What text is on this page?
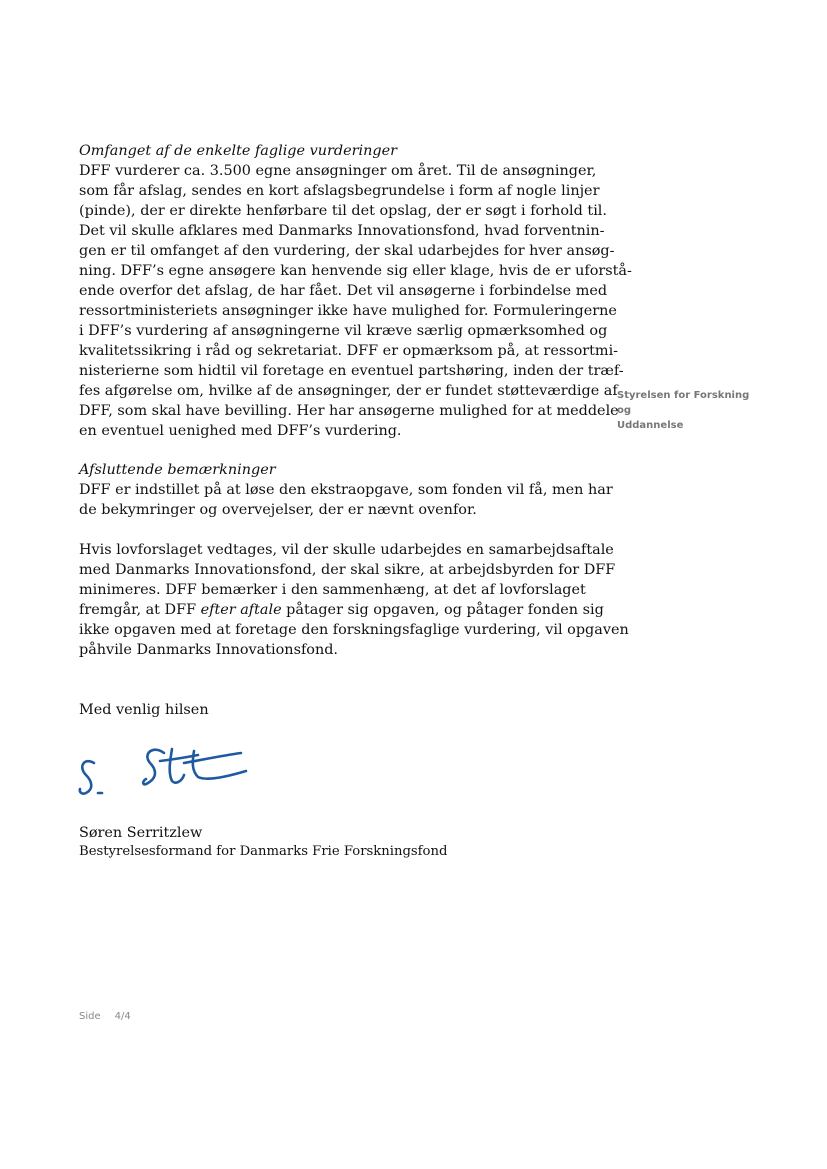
Omfanget af de enkelte faglige vurderinger
DFF vurderer ca. 3.500 egne ansøgninger om året. Til de ansøgninger,
som får afslag, sendes en kort afslagsbegrundelse i form af nogle linjer
(pinde), der er direkte henførbare til det opslag, der er søgt i forhold til.
Det vil skulle afklares med Danmarks Innovationsfond, hvad forventnin-
gen er til omfanget af den vurdering, der skal udarbejdes for hver ansøg-
ning. DFF’s egne ansøgere kan henvende sig eller klage, hvis de er uforstå-
ende overfor det afslag, de har fået. Det vil ansøgerne i forbindelse med
ressortministeriets ansøgninger ikke have mulighed for. Formuleringerne
i DFF’s vurdering af ansøgningerne vil kræve særlig opmærksomhed og
kvalitetssikring i råd og sekretariat. DFF er opmærksom på, at ressortmi-
nisterierne som hidtil vil foretage en eventuel partshøring, inden der træf-
fes afgørelse om, hvilke af de ansøgninger, der er fundet støtteværdige af
DFF, som skal have bevilling. Her har ansøgerne mulighed for at meddele
en eventuel uenighed med DFF’s vurdering.
Afsluttende bemærkninger
DFF er indstillet på at løse den ekstraopgave, som fonden vil få, men har
de bekymringer og overvejelser, der er nævnt ovenfor.
Hvis lovforslaget vedtages, vil der skulle udarbejdes en samarbejdsaftale
med Danmarks Innovationsfond, der skal sikre, at arbejdsbyrden for DFF
minimeres. DFF bemærker i den sammenhæng, at det af lovforslaget
fremgår, at DFF efter aftale påtager sig opgaven, og påtager fonden sig
ikke opgaven med at foretage den forskningsfaglige vurdering, vil opgaven
påhvile Danmarks Innovationsfond.
Med venlig hilsen
Søren Serritzlew
Bestyrelsesformand for Danmarks Frie Forskningsfond
Styrelsen for Forskning og
Uddannelse
Side 4/4
